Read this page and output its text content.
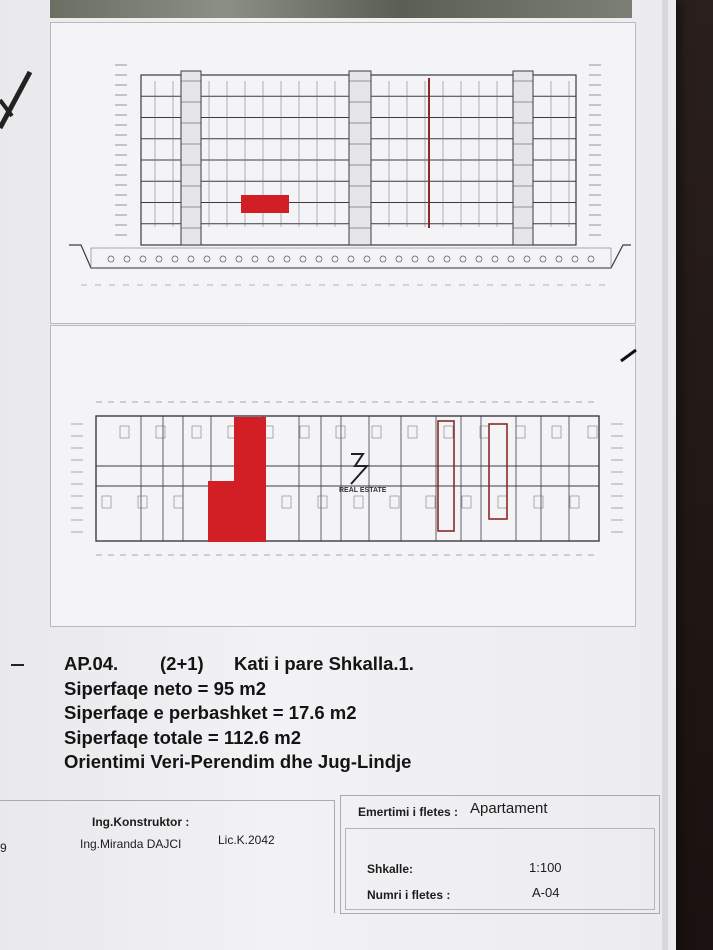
REAL ESTATE
AP.04. (2+1) Kati i pare Shkalla.1.
Siperfaqe neto = 95 m2
Siperfaqe e perbashket = 17.6 m2
Siperfaqe totale = 112.6 m2
Orientimi Veri-Perendim dhe Jug-Lindje
Ing.Konstruktor :
Ing.Miranda DAJCI	Lic.K.2042
9
Emertimi i fletes : Apartament
Shkalle:	1:100
Numri i fletes :	A-04
